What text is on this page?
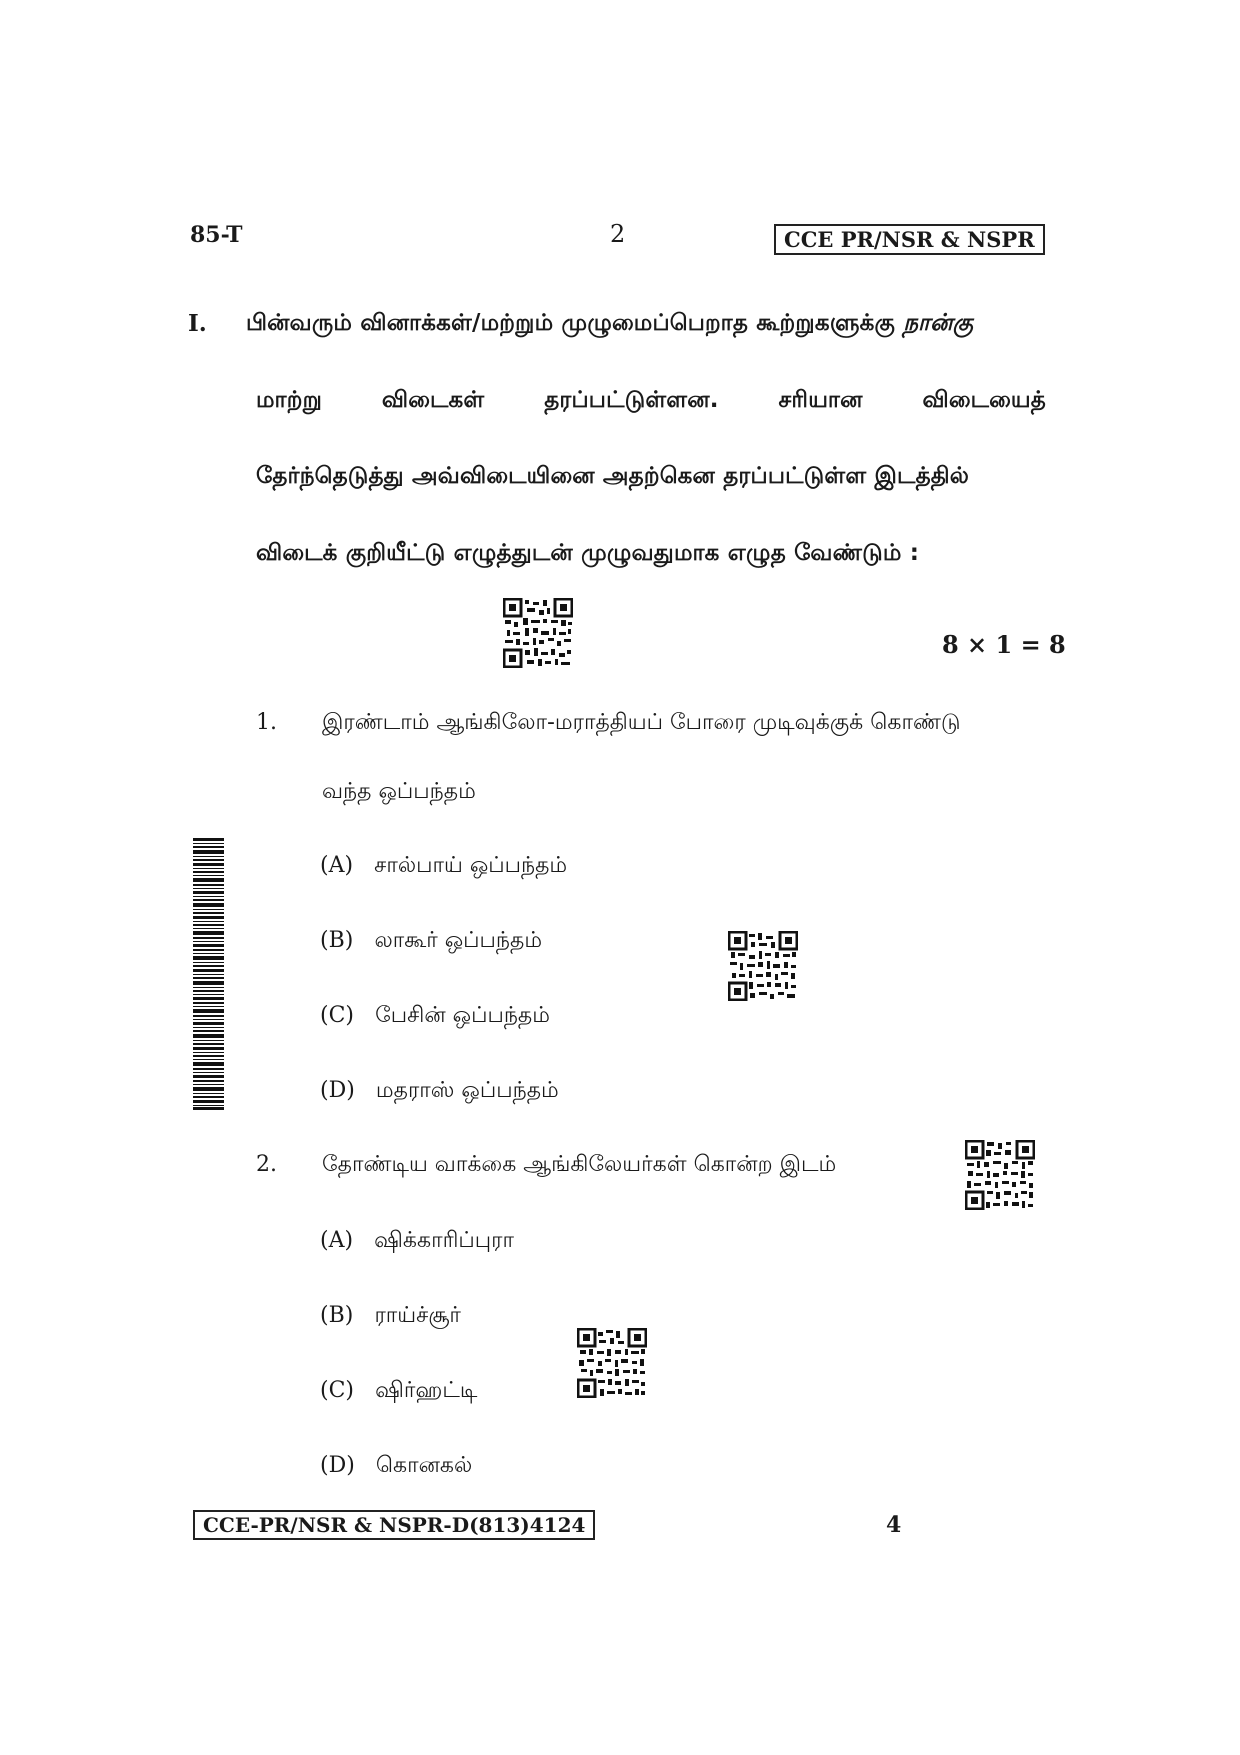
85-T	2	CCE PR/NSR & NSPR
I. பின்வரும் வினாக்கள்/மற்றும் முழுமைப்பெறாத கூற்றுகளுக்கு நான்கு
மாற்று	விடைகள்	தரப்பட்டுள்ளன.	சரியான	விடையைத்
தேர்ந்தெடுத்து அவ்விடையினை அதற்கென தரப்பட்டுள்ள இடத்தில்
விடைக் குறியீட்டு எழுத்துடன் முழுவதுமாக எழுத வேண்டும் :
8 × 1 = 8
1. இரண்டாம் ஆங்கிலோ-மராத்தியப் போரை முடிவுக்குக் கொண்டு
வந்த ஒப்பந்தம்
(A) சால்பாய் ஒப்பந்தம்
(B) லாகூர் ஒப்பந்தம்
(C) பேசின் ஒப்பந்தம்
(D) மதராஸ் ஒப்பந்தம்
2. தோண்டிய வாக்கை ஆங்கிலேயர்கள் கொன்ற இடம்
(A) ஷிக்காரிப்புரா
(B) ராய்ச்சூர்
(C) ஷிர்ஹட்டி
(D) கொனகல்
CCE-PR/NSR & NSPR-D(813)4124	4
